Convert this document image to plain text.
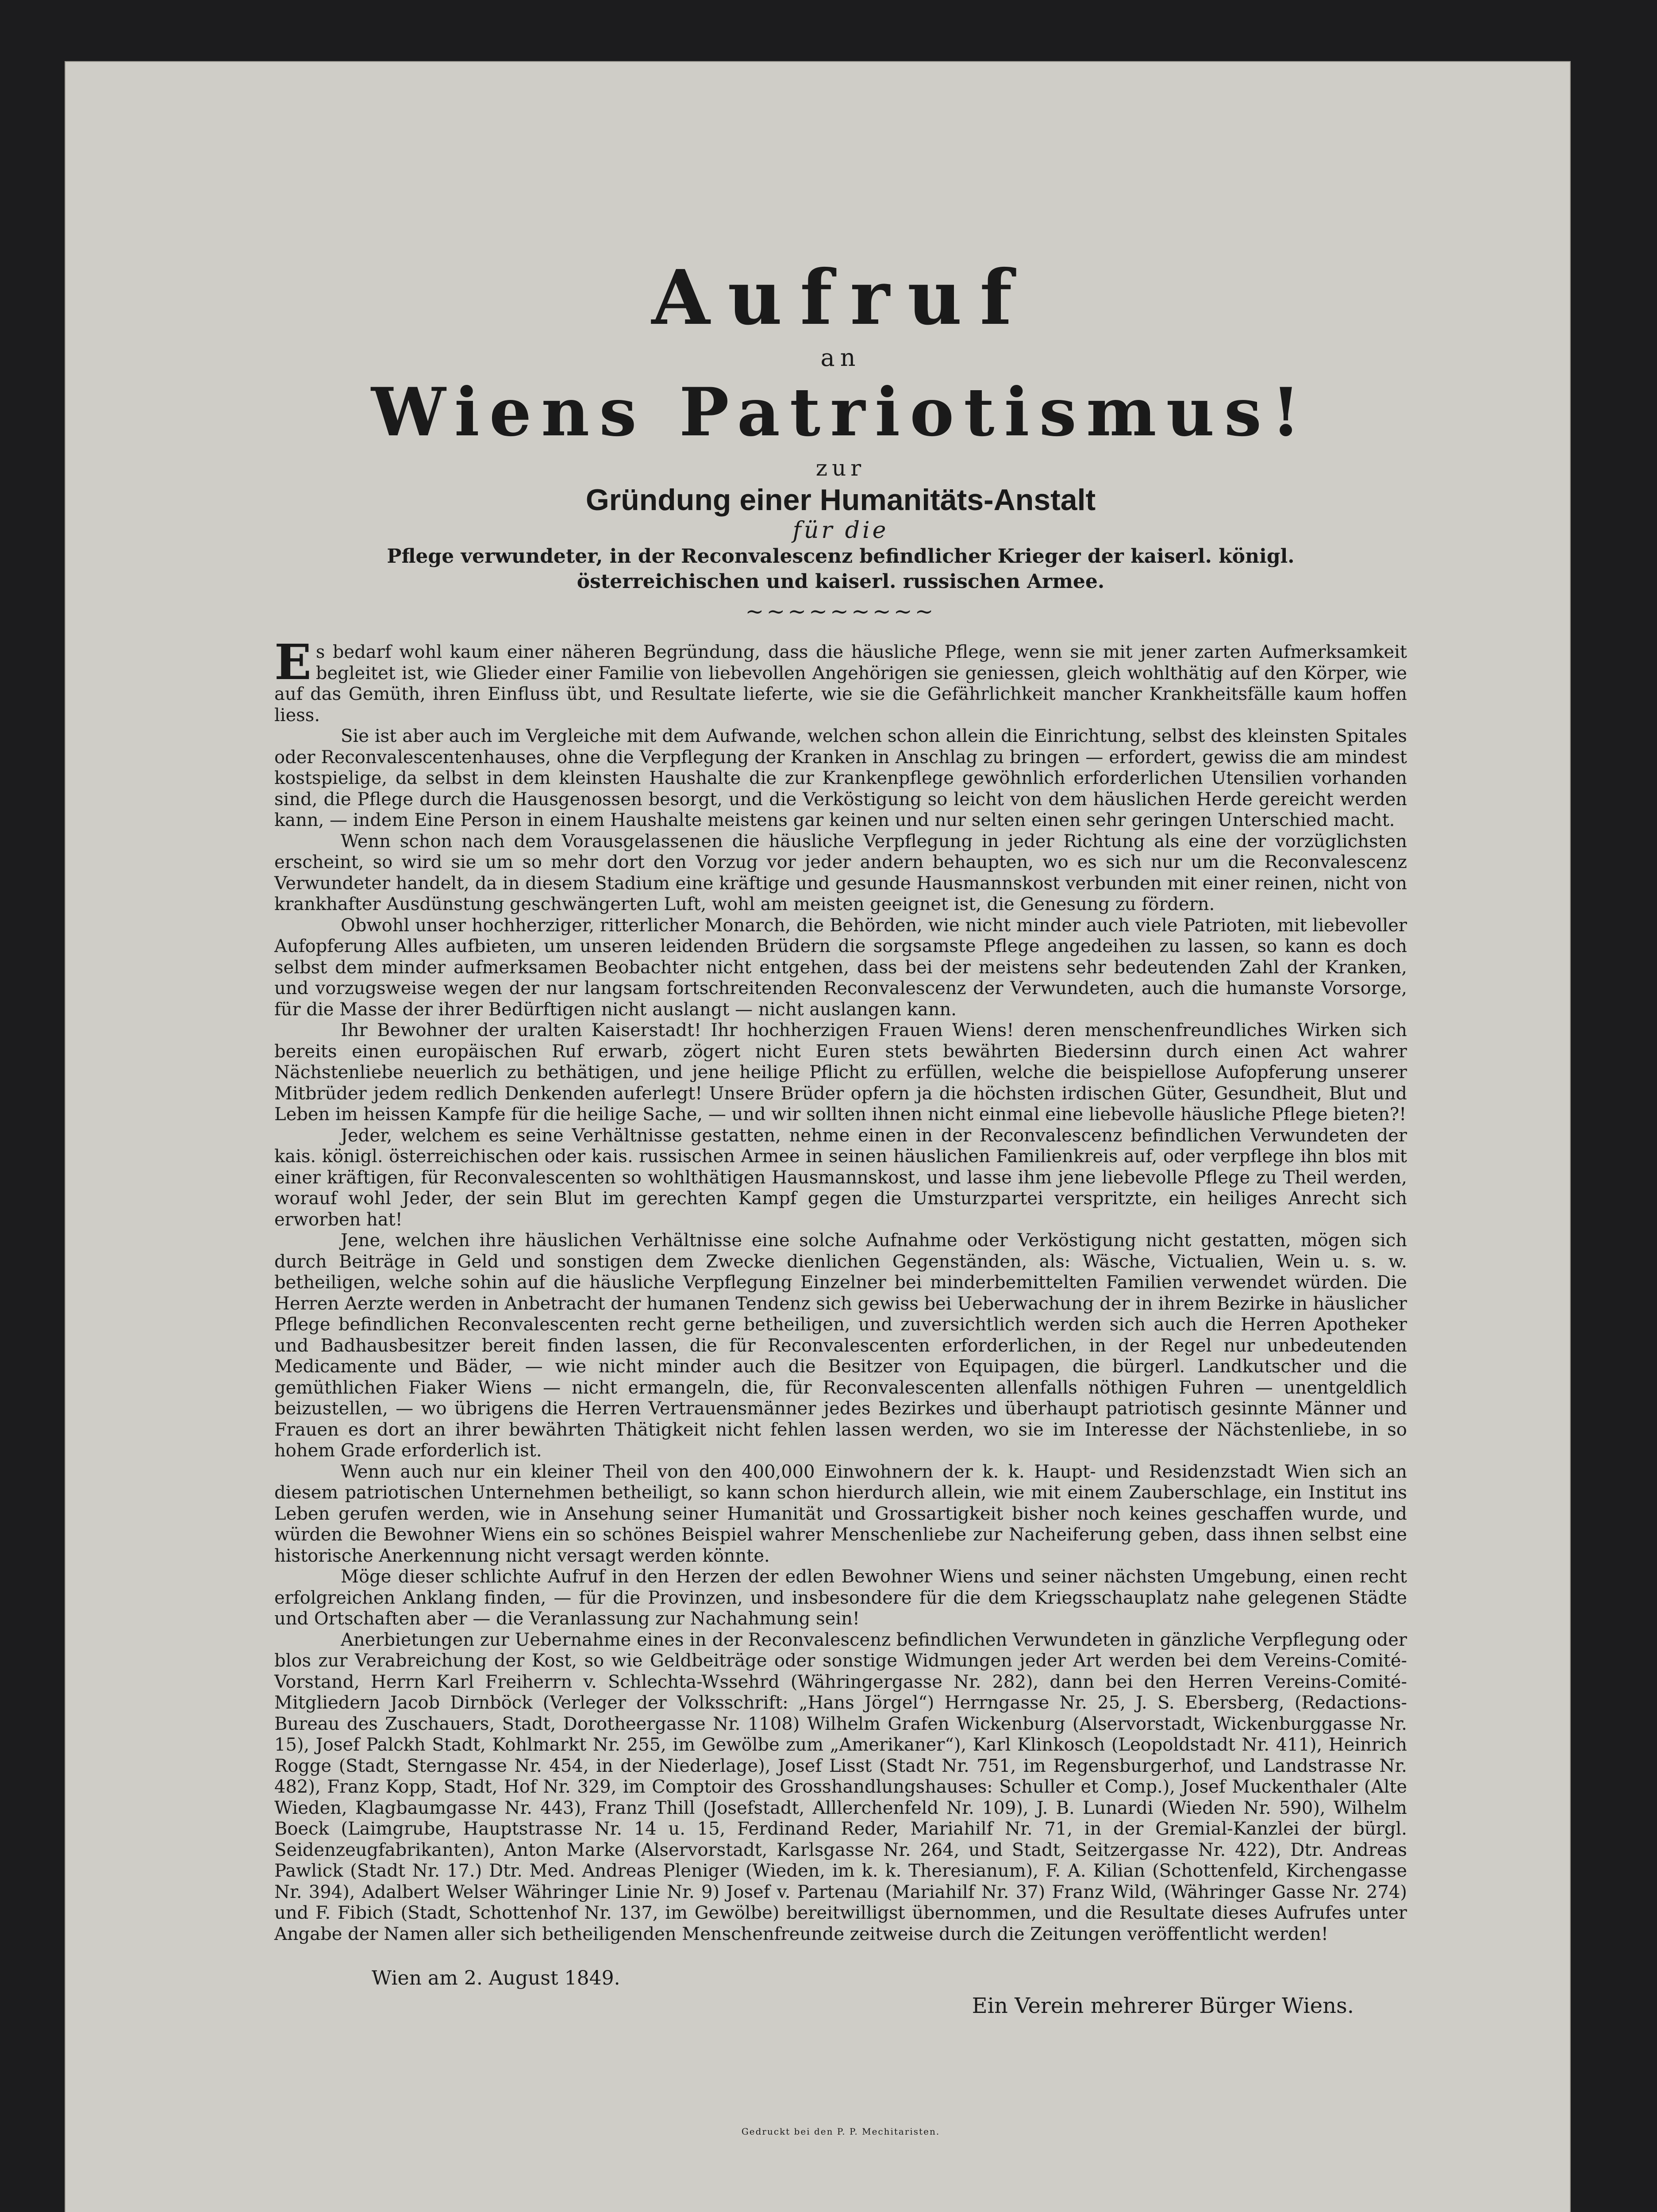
Aufruf
an
Wiens Patriotismus!
zur
Gründung einer Humanitäts-Anstalt
für die
Pflege verwundeter, in der Reconvalescenz befindlicher Krieger der kaiserl. königl.
österreichischen und kaiserl. russischen Armee.
~~~~~~~~~

Es bedarf wohl kaum einer näheren Begründung, dass die häusliche Pflege, wenn sie mit jener zarten Aufmerksamkeit begleitet ist, wie Glieder einer Familie von liebevollen Angehörigen sie geniessen, gleich wohlthätig auf den Körper, wie auf das Gemüth, ihren Einfluss übt, und Resultate lieferte, wie sie die Gefährlichkeit mancher Krankheitsfälle kaum hoffen liess.

Sie ist aber auch im Vergleiche mit dem Aufwande, welchen schon allein die Einrichtung, selbst des kleinsten Spitales oder Reconvalescentenhauses, ohne die Verpflegung der Kranken in Anschlag zu bringen — erfordert, gewiss die am mindest kostspielige, da selbst in dem kleinsten Haushalte die zur Krankenpflege gewöhnlich erforderlichen Utensilien vorhanden sind, die Pflege durch die Hausgenossen besorgt, und die Verköstigung so leicht von dem häuslichen Herde gereicht werden kann, — indem Eine Person in einem Haushalte meistens gar keinen und nur selten einen sehr geringen Unterschied macht.

Wenn schon nach dem Vorausgelassenen die häusliche Verpflegung in jeder Richtung als eine der vorzüglichsten erscheint, so wird sie um so mehr dort den Vorzug vor jeder andern behaupten, wo es sich nur um die Reconvalescenz Verwundeter handelt, da in diesem Stadium eine kräftige und gesunde Hausmannskost verbunden mit einer reinen, nicht von krankhafter Ausdünstung geschwängerten Luft, wohl am meisten geeignet ist, die Genesung zu fördern.

Obwohl unser hochherziger, ritterlicher Monarch, die Behörden, wie nicht minder auch viele Patrioten, mit liebevoller Aufopferung Alles aufbieten, um unseren leidenden Brüdern die sorgsamste Pflege angedeihen zu lassen, so kann es doch selbst dem minder aufmerksamen Beobachter nicht entgehen, dass bei der meistens sehr bedeutenden Zahl der Kranken, und vorzugsweise wegen der nur langsam fortschreitenden Reconvalescenz der Verwundeten, auch die humanste Vorsorge, für die Masse der ihrer Bedürftigen nicht auslangt — nicht auslangen kann.

Ihr Bewohner der uralten Kaiserstadt! Ihr hochherzigen Frauen Wiens! deren menschenfreundliches Wirken sich bereits einen europäischen Ruf erwarb, zögert nicht Euren stets bewährten Biedersinn durch einen Act wahrer Nächstenliebe neuerlich zu bethätigen, und jene heilige Pflicht zu erfüllen, welche die beispiellose Aufopferung unserer Mitbrüder jedem redlich Denkenden auferlegt! Unsere Brüder opfern ja die höchsten irdischen Güter, Gesundheit, Blut und Leben im heissen Kampfe für die heilige Sache, — und wir sollten ihnen nicht einmal eine liebevolle häusliche Pflege bieten?!

Jeder, welchem es seine Verhältnisse gestatten, nehme einen in der Reconvalescenz befindlichen Verwundeten der kais. königl. österreichischen oder kais. russischen Armee in seinen häuslichen Familienkreis auf, oder verpflege ihn blos mit einer kräftigen, für Reconvalescenten so wohlthätigen Hausmannskost, und lasse ihm jene liebevolle Pflege zu Theil werden, worauf wohl Jeder, der sein Blut im gerechten Kampf gegen die Umsturzpartei verspritzte, ein heiliges Anrecht sich erworben hat!

Jene, welchen ihre häuslichen Verhältnisse eine solche Aufnahme oder Verköstigung nicht gestatten, mögen sich durch Beiträge in Geld und sonstigen dem Zwecke dienlichen Gegenständen, als: Wäsche, Victualien, Wein u. s. w. betheiligen, welche sohin auf die häusliche Verpflegung Einzelner bei minderbemittelten Familien verwendet würden. Die Herren Aerzte werden in Anbetracht der humanen Tendenz sich gewiss bei Ueberwachung der in ihrem Bezirke in häuslicher Pflege befindlichen Reconvalescenten recht gerne betheiligen, und zuversichtlich werden sich auch die Herren Apotheker und Badhausbesitzer bereit finden lassen, die für Reconvalescenten erforderlichen, in der Regel nur unbedeutenden Medicamente und Bäder, — wie nicht minder auch die Besitzer von Equipagen, die bürgerl. Landkutscher und die gemüthlichen Fiaker Wiens — nicht ermangeln, die, für Reconvalescenten allenfalls nöthigen Fuhren — unentgeldlich beizustellen, — wo übrigens die Herren Vertrauensmänner jedes Bezirkes und überhaupt patriotisch gesinnte Männer und Frauen es dort an ihrer bewährten Thätigkeit nicht fehlen lassen werden, wo sie im Interesse der Nächstenliebe, in so hohem Grade erforderlich ist.

Wenn auch nur ein kleiner Theil von den 400,000 Einwohnern der k. k. Haupt- und Residenzstadt Wien sich an diesem patriotischen Unternehmen betheiligt, so kann schon hierdurch allein, wie mit einem Zauberschlage, ein Institut ins Leben gerufen werden, wie in Ansehung seiner Humanität und Grossartigkeit bisher noch keines geschaffen wurde, und würden die Bewohner Wiens ein so schönes Beispiel wahrer Menschenliebe zur Nacheiferung geben, dass ihnen selbst eine historische Anerkennung nicht versagt werden könnte.

Möge dieser schlichte Aufruf in den Herzen der edlen Bewohner Wiens und seiner nächsten Umgebung, einen recht erfolgreichen Anklang finden, — für die Provinzen, und insbesondere für die dem Kriegsschauplatz nahe gelegenen Städte und Ortschaften aber — die Veranlassung zur Nachahmung sein!

Anerbietungen zur Uebernahme eines in der Reconvalescenz befindlichen Verwundeten in gänzliche Verpflegung oder blos zur Verabreichung der Kost, so wie Geldbeiträge oder sonstige Widmungen jeder Art werden bei dem Vereins-Comité-Vorstand, Herrn Karl Freiherrn v. Schlechta-Wssehrd (Währingergasse Nr. 282), dann bei den Herren Vereins-Comité-Mitgliedern Jacob Dirnböck (Verleger der Volksschrift: „Hans Jörgel“) Herrngasse Nr. 25, J. S. Ebersberg, (Redactions-Bureau des Zuschauers, Stadt, Dorotheergasse Nr. 1108) Wilhelm Grafen Wickenburg (Alservorstadt, Wickenburggasse Nr. 15), Josef Palckh Stadt, Kohlmarkt Nr. 255, im Gewölbe zum „Amerikaner“), Karl Klinkosch (Leopoldstadt Nr. 411), Heinrich Rogge (Stadt, Sterngasse Nr. 454, in der Niederlage), Josef Lisst (Stadt Nr. 751, im Regensburgerhof, und Landstrasse Nr. 482), Franz Kopp, Stadt, Hof Nr. 329, im Comptoir des Grosshandlungshauses: Schuller et Comp.), Josef Muckenthaler (Alte Wieden, Klagbaumgasse Nr. 443), Franz Thill (Josefstadt, Alllerchenfeld Nr. 109), J. B. Lunardi (Wieden Nr. 590), Wilhelm Boeck (Laimgrube, Hauptstrasse Nr. 14 u. 15, Ferdinand Reder, Mariahilf Nr. 71, in der Gremial-Kanzlei der bürgl. Seidenzeugfabrikanten), Anton Marke (Alservorstadt, Karlsgasse Nr. 264, und Stadt, Seitzergasse Nr. 422), Dtr. Andreas Pawlick (Stadt Nr. 17.) Dtr. Med. Andreas Pleniger (Wieden, im k. k. Theresianum), F. A. Kilian (Schottenfeld, Kirchengasse Nr. 394), Adalbert Welser Währinger Linie Nr. 9) Josef v. Partenau (Mariahilf Nr. 37) Franz Wild, (Währinger Gasse Nr. 274) und F. Fibich (Stadt, Schottenhof Nr. 137, im Gewölbe) bereitwilligst übernommen, und die Resultate dieses Aufrufes unter Angabe der Namen aller sich betheiligenden Menschenfreunde zeitweise durch die Zeitungen veröffentlicht werden!

Wien am 2. August 1849.
Ein Verein mehrerer Bürger Wiens.
Gedruckt bei den P. P. Mechitaristen.
